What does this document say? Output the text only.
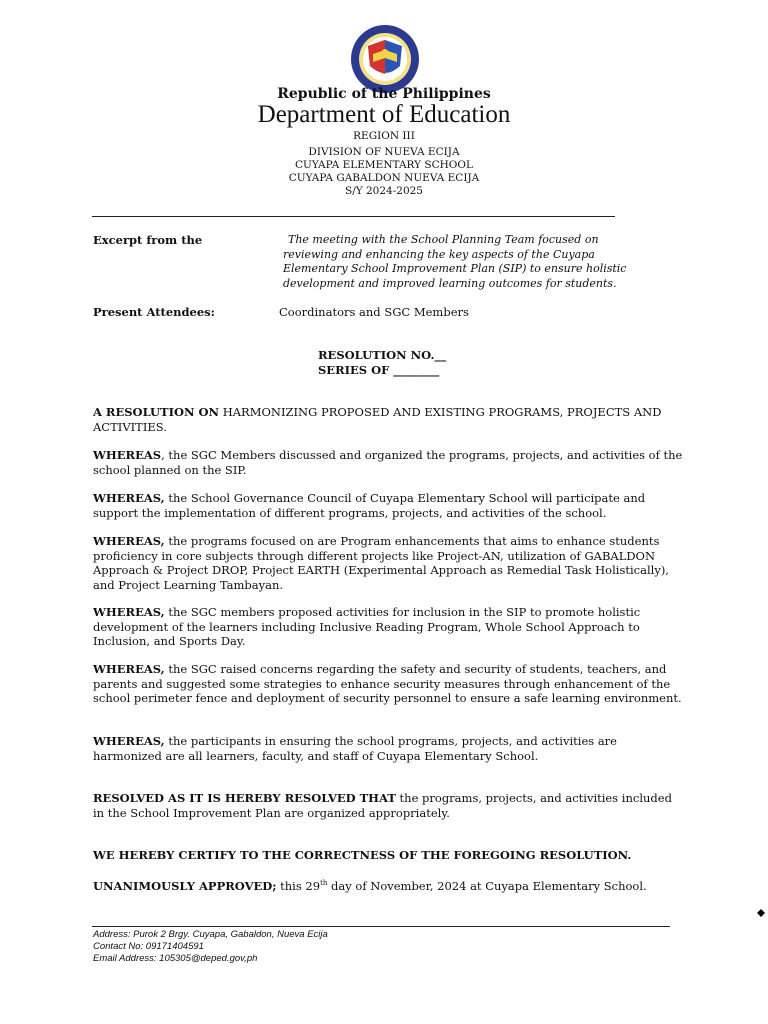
Republic of the Philippines
Department of Education
REGION III
DIVISION OF NUEVA ECIJA
CUYAPA ELEMENTARY SCHOOL
CUYAPA GABALDON NUEVA ECIJA
S/Y 2024-2025
Excerpt from the	The meeting with the School Planning Team focused on
reviewing and enhancing the key aspects of the Cuyapa
Elementary School Improvement Plan (SIP) to ensure holistic
development and improved learning outcomes for students.
Present Attendees:	Coordinators and SGC Members
RESOLUTION NO.__
SERIES OF ________
A RESOLUTION ON HARMONIZING PROPOSED AND EXISTING PROGRAMS, PROJECTS AND ACTIVITIES.
WHEREAS, the SGC Members discussed and organized the programs, projects, and activities of the school planned on the SIP.
WHEREAS, the School Governance Council of Cuyapa Elementary School will participate and support the implementation of different programs, projects, and activities of the school.
WHEREAS, the programs focused on are Program enhancements that aims to enhance students proficiency in core subjects through different projects like Project-AN, utilization of GABALDON Approach & Project DROP, Project EARTH (Experimental Approach as Remedial Task Holistically), and Project Learning Tambayan.
WHEREAS, the SGC members proposed activities for inclusion in the SIP to promote holistic development of the learners including Inclusive Reading Program, Whole School Approach to Inclusion, and Sports Day.
WHEREAS, the SGC raised concerns regarding the safety and security of students, teachers, and parents and suggested some strategies to enhance security measures through enhancement of the school perimeter fence and deployment of security personnel to ensure a safe learning environment.
WHEREAS, the participants in ensuring the school programs, projects, and activities are harmonized are all learners, faculty, and staff of Cuyapa Elementary School.
RESOLVED AS IT IS HEREBY RESOLVED THAT the programs, projects, and activities included in the School Improvement Plan are organized appropriately.
WE HEREBY CERTIFY TO THE CORRECTNESS OF THE FOREGOING RESOLUTION.
UNANIMOUSLY APPROVED; this 29th day of November, 2024 at Cuyapa Elementary School.
Address: Purok 2 Brgy. Cuyapa, Gabaldon, Nueva Ecija
Contact No: 09171404591
Email Address: 105305@deped.gov,ph
